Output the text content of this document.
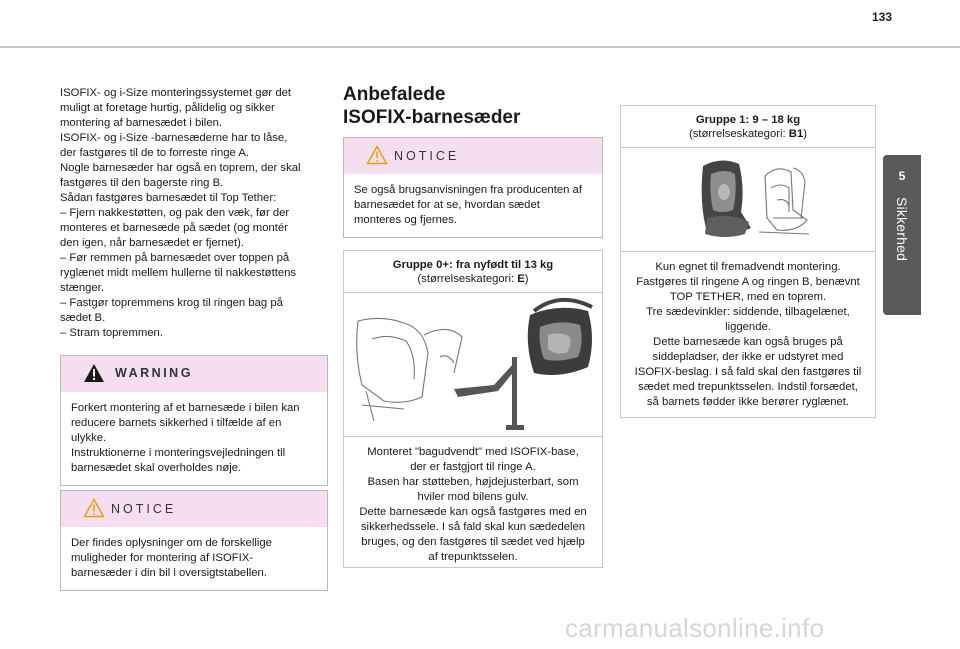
133
5
Sikkerhed

ISOFIX- og i-Size monteringssystemet gør det

muligt at foretage hurtig, pålidelig og sikker

montering af barnesædet i bilen.

ISOFIX- og i-Size -barnesæderne har to låse,

der fastgøres til de to forreste ringe A.

Nogle barnesæder har også en toprem, der skal

fastgøres til den bagerste ring B.

Sådan fastgøres barnesædet til Top Tether:

– Fjern nakkestøtten, og pak den væk, før der

monteres et barnesæde på sædet (og montér

den igen, når barnesædet er fjernet).

– Før remmen på barnesædet over toppen på

ryglænet midt mellem hullerne til nakkestøttens

stænger.

– Fastgør topremmens krog til ringen bag på

sædet B.

– Stram topremmen.

WARNING

Forkert montering af et barnesæde i bilen kan

reducere barnets sikkerhed i tilfælde af en

ulykke.

Instruktionerne i monteringsvejledningen til

barnesædet skal overholdes nøje.

NOTICE

Der findes oplysninger om de forskellige

muligheder for montering af ISOFIX-

barnesæder i din bil i oversigtstabellen.

Anbefalede
ISOFIX-barnesæder
NOTICE

Se også brugsanvisningen fra producenten af

barnesædet for at se, hvordan sædet

monteres og fjernes.

Gruppe 0+: fra nyfødt til 13 kg
(størrelseskategori: E)

Monteret "bagudvendt" med ISOFIX-base,

der er fastgjort til ringe A.

Basen har støtteben, højdejusterbart, som

hviler mod bilens gulv.

Dette barnesæde kan også fastgøres med en

sikkerhedssele. I så fald skal kun sædedelen

bruges, og den fastgøres til sædet ved hjælp

af trepunktsselen.

Gruppe 1: 9 – 18 kg
(størrelseskategori: B1)

Kun egnet til fremadvendt montering.

Fastgøres til ringene A og ringen B, benævnt

TOP TETHER, med en toprem.

Tre sædevinkler: siddende, tilbagelænet,

liggende.

Dette barnesæde kan også bruges på

siddepladser, der ikke er udstyret med

ISOFIX-beslag. I så fald skal den fastgøres til

sædet med trepunktsselen. Indstil forsædet,

så barnets fødder ikke berører ryglænet.

carmanualsonline.info
